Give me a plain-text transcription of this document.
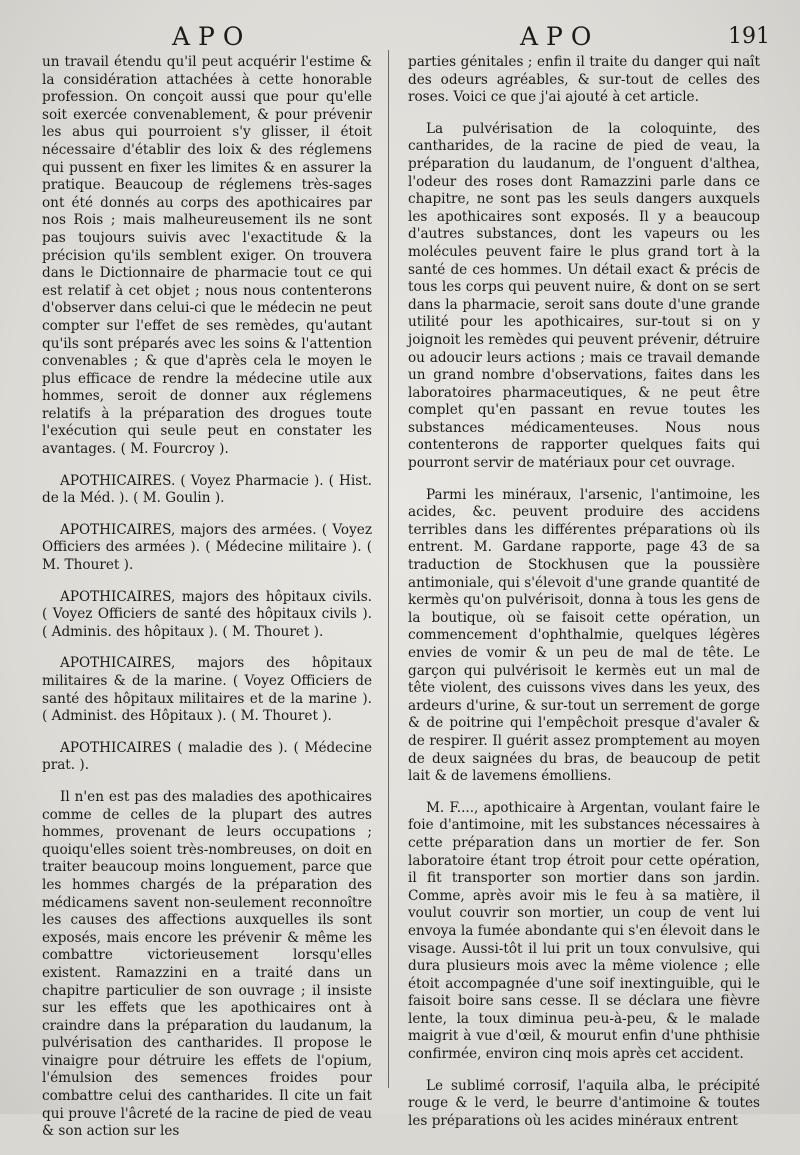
APO	APO	191

un travail étendu qu'il peut acquérir l'estime & la considération attachées à cette honorable profession. On conçoit aussi que pour qu'elle soit exercée convenablement, & pour prévenir les abus qui pourroient s'y glisser, il étoit nécessaire d'établir des loix & des réglemens qui pussent en fixer les limites & en assurer la pratique. Beaucoup de réglemens très-sages ont été donnés au corps des apothicaires par nos Rois ; mais malheureusement ils ne sont pas toujours suivis avec l'exactitude & la précision qu'ils semblent exiger. On trouvera dans le Dictionnaire de pharmacie tout ce qui est relatif à cet objet ; nous nous contenterons d'observer dans celui-ci que le médecin ne peut compter sur l'effet de ses remèdes, qu'autant qu'ils sont préparés avec les soins & l'attention convenables ; & que d'après cela le moyen le plus efficace de rendre la médecine utile aux hommes, seroit de donner aux réglemens relatifs à la préparation des drogues toute l'exécution qui seule peut en constater les avantages. ( M. Fourcroy ).

APOTHICAIRES. ( Voyez Pharmacie ). ( Hist. de la Méd. ). ( M. Goulin ).

APOTHICAIRES, majors des armées. ( Voyez Officiers des armées ). ( Médecine militaire ). ( M. Thouret ).

APOTHICAIRES, majors des hôpitaux civils. ( Voyez Officiers de santé des hôpitaux civils ). ( Adminis. des hôpitaux ). ( M. Thouret ).

APOTHICAIRES, majors des hôpitaux militaires & de la marine. ( Voyez Officiers de santé des hôpitaux militaires et de la marine ). ( Administ. des Hôpitaux ). ( M. Thouret ).

APOTHICAIRES ( maladie des ). ( Médecine prat. ).

Il n'en est pas des maladies des apothicaires comme de celles de la plupart des autres hommes, provenant de leurs occupations ; quoiqu'elles soient très-nombreuses, on doit en traiter beaucoup moins longuement, parce que les hommes chargés de la préparation des médicamens savent non-seulement reconnoître les causes des affections auxquelles ils sont exposés, mais encore les prévenir & même les combattre victorieusement lorsqu'elles existent. Ramazzini en a traité dans un chapitre particulier de son ouvrage ; il insiste sur les effets que les apothicaires ont à craindre dans la préparation du laudanum, la pulvérisation des cantharides. Il propose le vinaigre pour détruire les effets de l'opium, l'émulsion des semences froides pour combattre celui des cantharides. Il cite un fait qui prouve l'âcreté de la racine de pied de veau & son action sur les

parties génitales ; enfin il traite du danger qui naît des odeurs agréables, & sur-tout de celles des roses. Voici ce que j'ai ajouté à cet article.

La pulvérisation de la coloquinte, des cantharides, de la racine de pied de veau, la préparation du laudanum, de l'onguent d'althea, l'odeur des roses dont Ramazzini parle dans ce chapitre, ne sont pas les seuls dangers auxquels les apothicaires sont exposés. Il y a beaucoup d'autres substances, dont les vapeurs ou les molécules peuvent faire le plus grand tort à la santé de ces hommes. Un détail exact & précis de tous les corps qui peuvent nuire, & dont on se sert dans la pharmacie, seroit sans doute d'une grande utilité pour les apothicaires, sur-tout si on y joignoit les remèdes qui peuvent prévenir, détruire ou adoucir leurs actions ; mais ce travail demande un grand nombre d'observations, faites dans les laboratoires pharmaceutiques, & ne peut être complet qu'en passant en revue toutes les substances médicamenteuses. Nous nous contenterons de rapporter quelques faits qui pourront servir de matériaux pour cet ouvrage.

Parmi les minéraux, l'arsenic, l'antimoine, les acides, &c. peuvent produire des accidens terribles dans les différentes préparations où ils entrent. M. Gardane rapporte, page 43 de sa traduction de Stockhusen que la poussière antimoniale, qui s'élevoit d'une grande quantité de kermès qu'on pulvérisoit, donna à tous les gens de la boutique, où se faisoit cette opération, un commencement d'ophthalmie, quelques légères envies de vomir & un peu de mal de tête. Le garçon qui pulvérisoit le kermès eut un mal de tête violent, des cuissons vives dans les yeux, des ardeurs d'urine, & sur-tout un serrement de gorge & de poitrine qui l'empêchoit presque d'avaler & de respirer. Il guérit assez promptement au moyen de deux saignées du bras, de beaucoup de petit lait & de lavemens émolliens.

M. F...., apothicaire à Argentan, voulant faire le foie d'antimoine, mit les substances nécessaires à cette préparation dans un mortier de fer. Son laboratoire étant trop étroit pour cette opération, il fit transporter son mortier dans son jardin. Comme, après avoir mis le feu à sa matière, il voulut couvrir son mortier, un coup de vent lui envoya la fumée abondante qui s'en élevoit dans le visage. Aussi-tôt il lui prit un toux convulsive, qui dura plusieurs mois avec la même violence ; elle étoit accompagnée d'une soif inextinguible, qui le faisoit boire sans cesse. Il se déclara une fièvre lente, la toux diminua peu-à-peu, & le malade maigrit à vue d'œil, & mourut enfin d'une phthisie confirmée, environ cinq mois après cet accident.

Le sublimé corrosif, l'aquila alba, le précipité rouge & le verd, le beurre d'antimoine & toutes les préparations où les acides minéraux entrent
